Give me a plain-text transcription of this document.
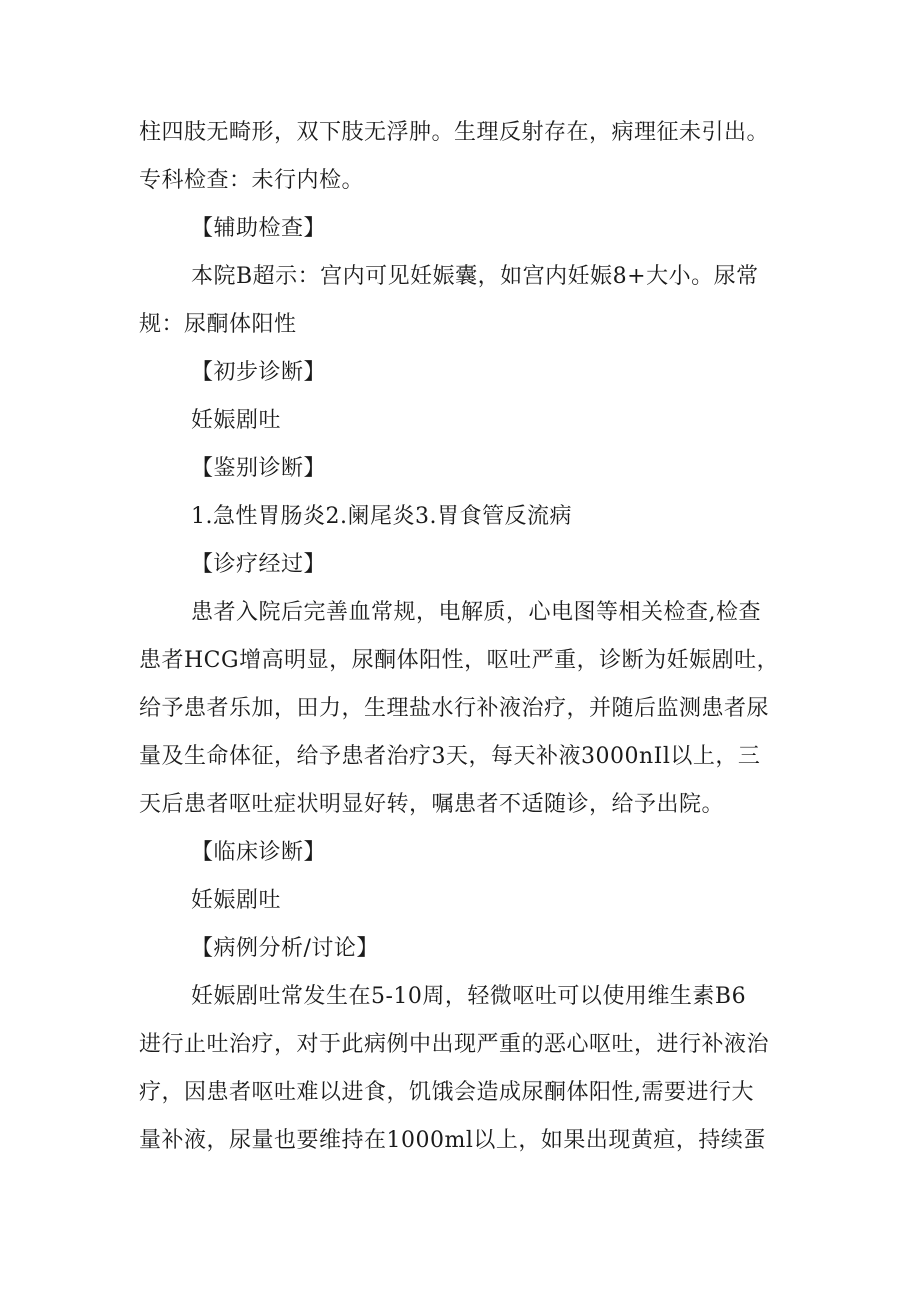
柱四肢无畸形，双下肢无浮肿。生理反射存在，病理征未引出。
专科检查：未行内检。
【辅助检查】
本院B超示：宫内可见妊娠囊，如宫内妊娠8+大小。尿常
规：尿酮体阳性
【初步诊断】
妊娠剧吐
【鉴别诊断】
1.急性胃肠炎2.阑尾炎3.胃食管反流病
【诊疗经过】
患者入院后完善血常规，电解质，心电图等相关检查,检查
患者HCG增高明显，尿酮体阳性，呕吐严重，诊断为妊娠剧吐，
给予患者乐加，田力，生理盐水行补液治疗，并随后监测患者尿
量及生命体征，给予患者治疗3天，每天补液3000nIl以上，三
天后患者呕吐症状明显好转，嘱患者不适随诊，给予出院。
【临床诊断】
妊娠剧吐
【病例分析/讨论】
妊娠剧吐常发生在5-10周，轻微呕吐可以使用维生素B6
进行止吐治疗，对于此病例中出现严重的恶心呕吐，进行补液治
疗，因患者呕吐难以进食，饥饿会造成尿酮体阳性,需要进行大
量补液，尿量也要维持在1000ml以上，如果出现黄疸，持续蛋
